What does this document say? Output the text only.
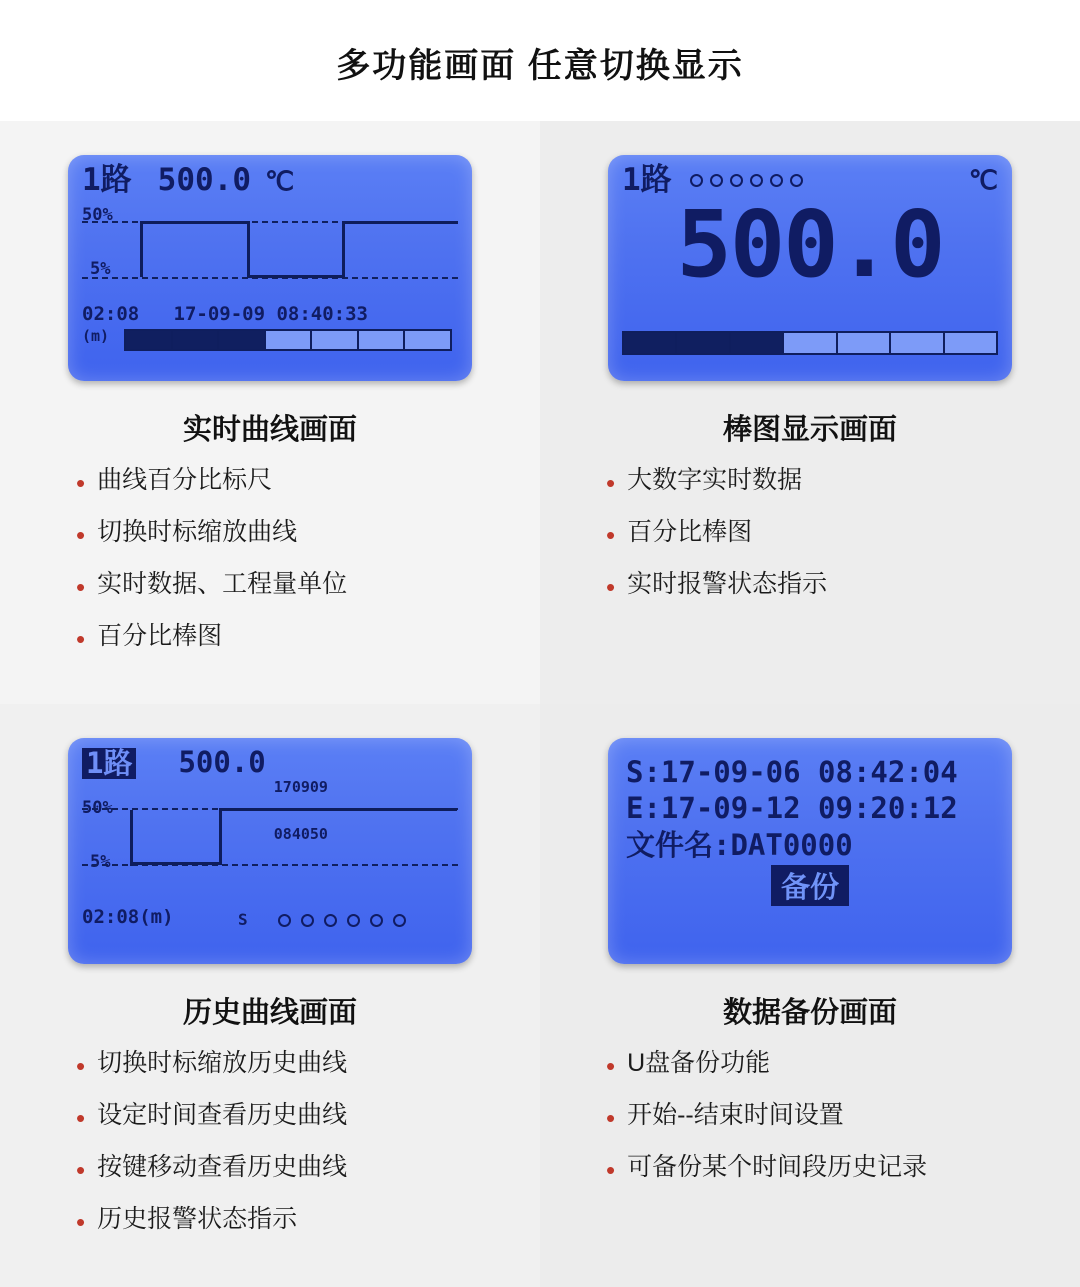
多功能画面 任意切换显示
1路 500.0 ℃
50%
5%
02:08 17-09-09 08:40:33
(m)
实时曲线画面
• 曲线百分比标尺
• 切换时标缩放曲线
• 实时数据、工程量单位
• 百分比棒图
1路	℃
500.0
棒图显示画面
• 大数字实时数据
• 百分比棒图
• 实时报警状态指示
1路 500.0

170909

084050

50%
5%
02:08(m)	S
历史曲线画面
• 切换时标缩放历史曲线
• 设定时间查看历史曲线
• 按键移动查看历史曲线
• 历史报警状态指示
S:17-09-06 08:42:04
E:17-09-12 09:20:12
文件名:DAT0000
备份
数据备份画面
• U盘备份功能
• 开始--结束时间设置
• 可备份某个时间段历史记录
